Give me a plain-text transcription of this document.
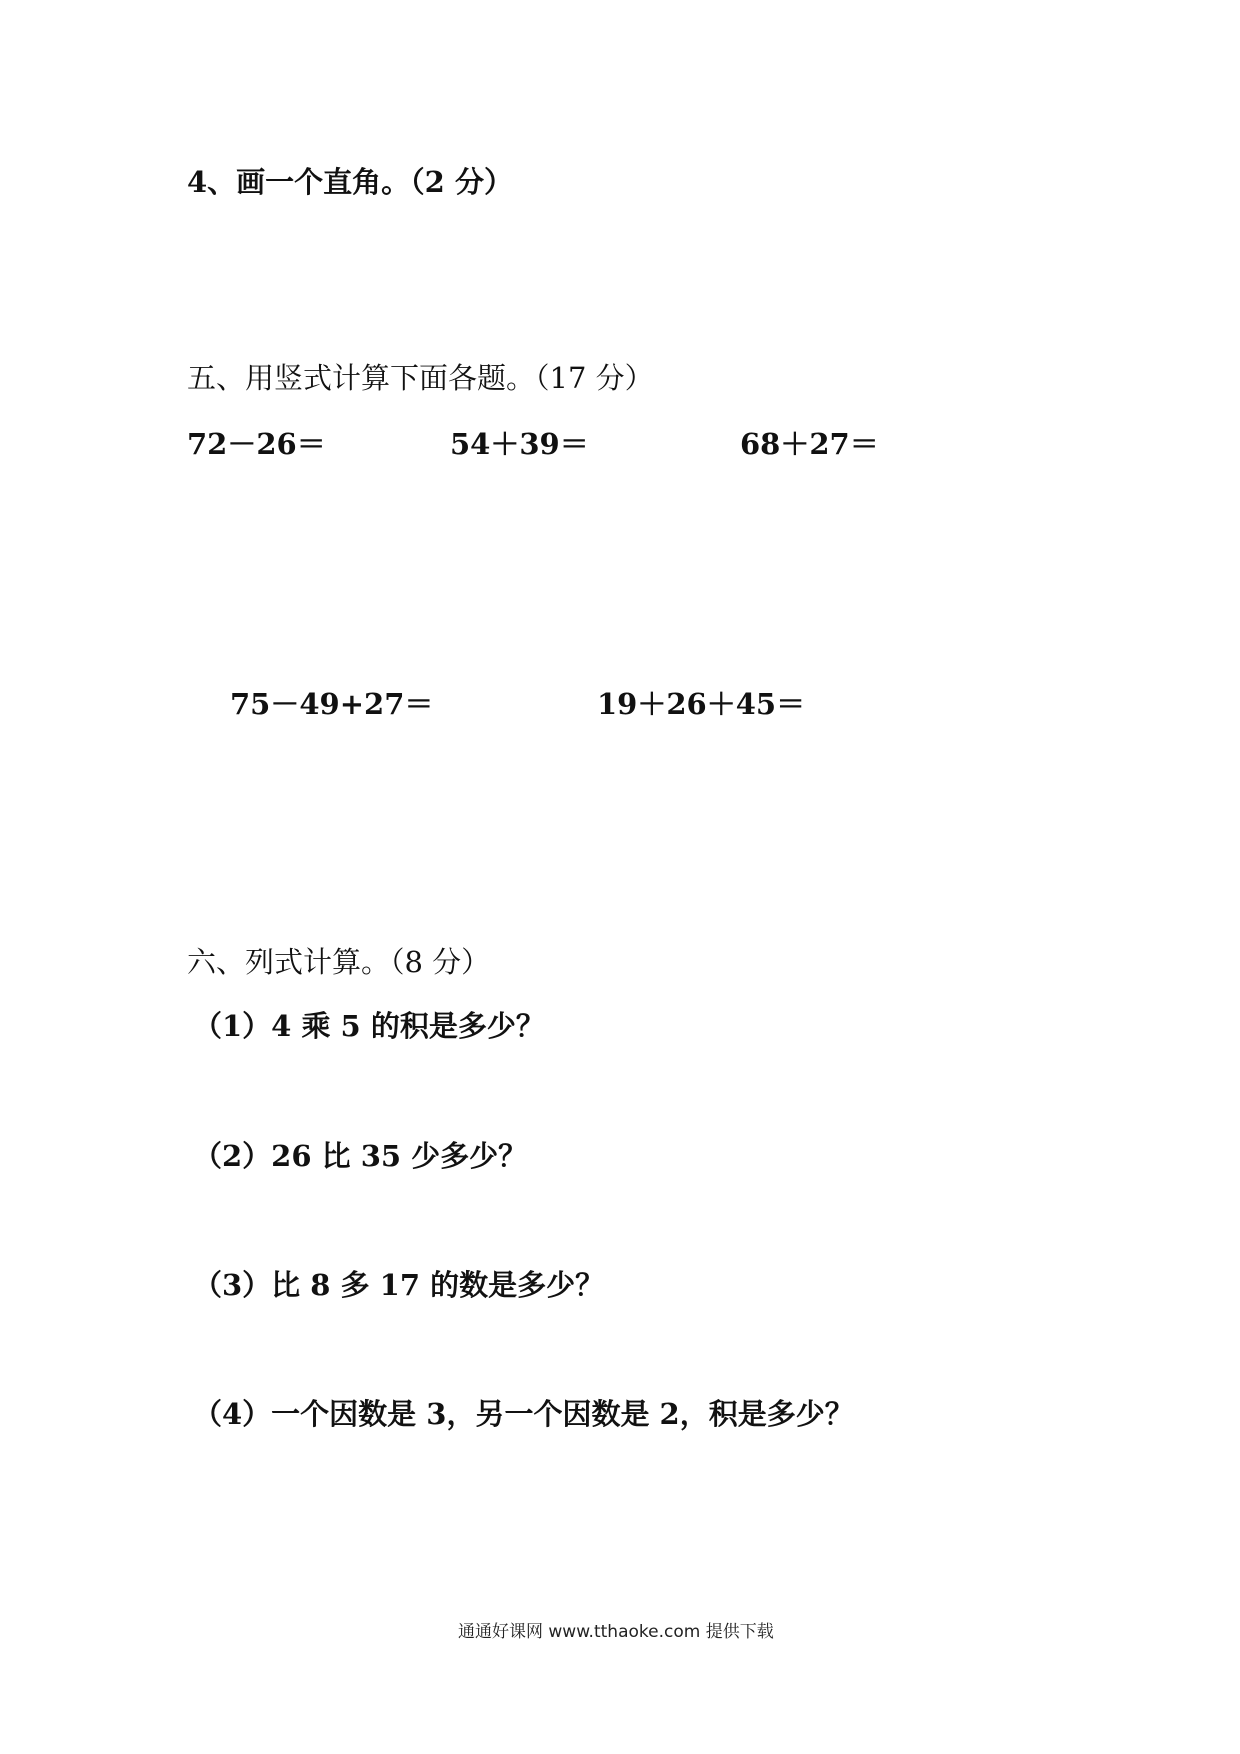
4、画一个直角。（2 分）
五、用竖式计算下面各题。（17 分）
72－26＝	54＋39＝	68＋27＝
75－49+27＝	19＋26＋45＝
六、列式计算。（8 分）
（1）4 乘 5 的积是多少？
（2）26 比 35 少多少？
（3）比 8 多 17 的数是多少？
（4）一个因数是 3，另一个因数是 2，积是多少？
通通好课网 www.tthaoke.com 提供下载
